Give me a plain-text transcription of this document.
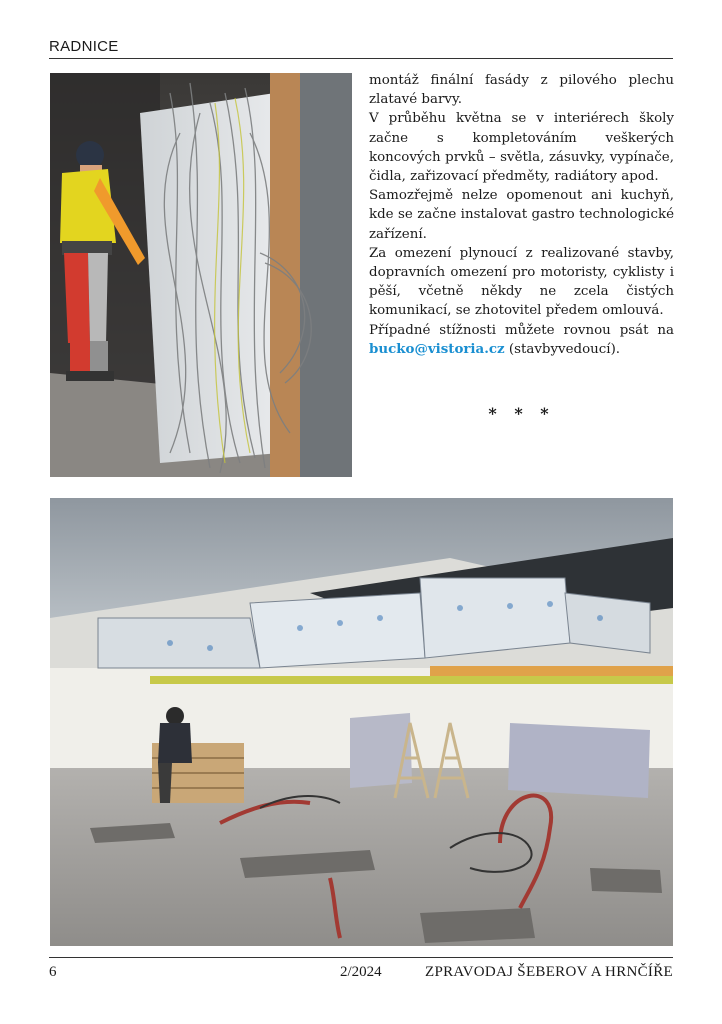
RADNICE

montáž finální fasády z pilového plechu zlatavé barvy.

V průběhu května se v interiérech školy začne s kompletováním veškerých koncových prvků – světla, zásuvky, vypínače, čidla, zařizovací předměty, radiátory apod.

Samozřejmě nelze opomenout ani kuchyň, kde se začne instalovat gastro technologické zařízení.

Za omezení plynoucí z realizované stavby, dopravních omezení pro motoristy, cyklisty i pěší, včetně někdy ne zcela čistých komunikací, se zhotovitel předem omlouvá.

Případné stížnosti můžete rovnou psát na bucko@vistoria.cz (stavbyvedoucí).

* * *
6	2/2024	ZPRAVODAJ ŠEBEROV A HRNČÍŘE
